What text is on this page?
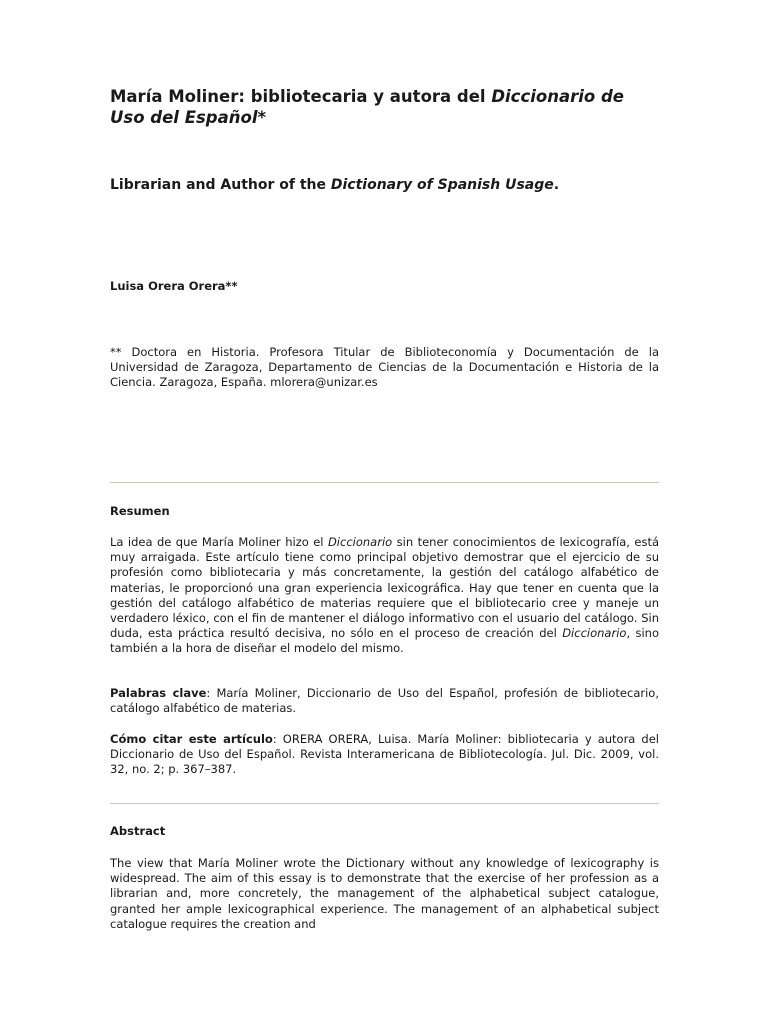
María Moliner: bibliotecaria y autora del Diccionario de Uso del Español*
Librarian and Author of the Dictionary of Spanish Usage.

Luisa Orera Orera**

** Doctora en Historia. Profesora Titular de Biblioteconomía y Documentación de la Universidad de Zaragoza, Departamento de Ciencias de la Documentación e Historia de la Ciencia. Zaragoza, España. mlorera@unizar.es

Resumen

La idea de que María Moliner hizo el Diccionario sin tener conocimientos de lexicografía, está muy arraigada. Este artículo tiene como principal objetivo demostrar que el ejercicio de su profesión como bibliotecaria y más concretamente, la gestión del catálogo alfabético de materias, le proporcionó una gran experiencia lexicográfica. Hay que tener en cuenta que la gestión del catálogo alfabético de materias requiere que el bibliotecario cree y maneje un verdadero léxico, con el fin de mantener el diálogo informativo con el usuario del catálogo. Sin duda, esta práctica resultó decisiva, no sólo en el proceso de creación del Diccionario, sino también a la hora de diseñar el modelo del mismo.

Palabras clave: María Moliner, Diccionario de Uso del Español, profesión de bibliotecario, catálogo alfabético de materias.

Cómo citar este artículo: ORERA ORERA, Luisa. María Moliner: bibliotecaria y autora del Diccionario de Uso del Español. Revista Interamericana de Bibliotecología. Jul. Dic. 2009, vol. 32, no. 2; p. 367–387.

Abstract

The view that María Moliner wrote the Dictionary without any knowledge of lexicography is widespread. The aim of this essay is to demonstrate that the exercise of her profession as a librarian and, more concretely, the management of the alphabetical subject catalogue, granted her ample lexicographical experience. The management of an alphabetical subject catalogue requires the creation and
